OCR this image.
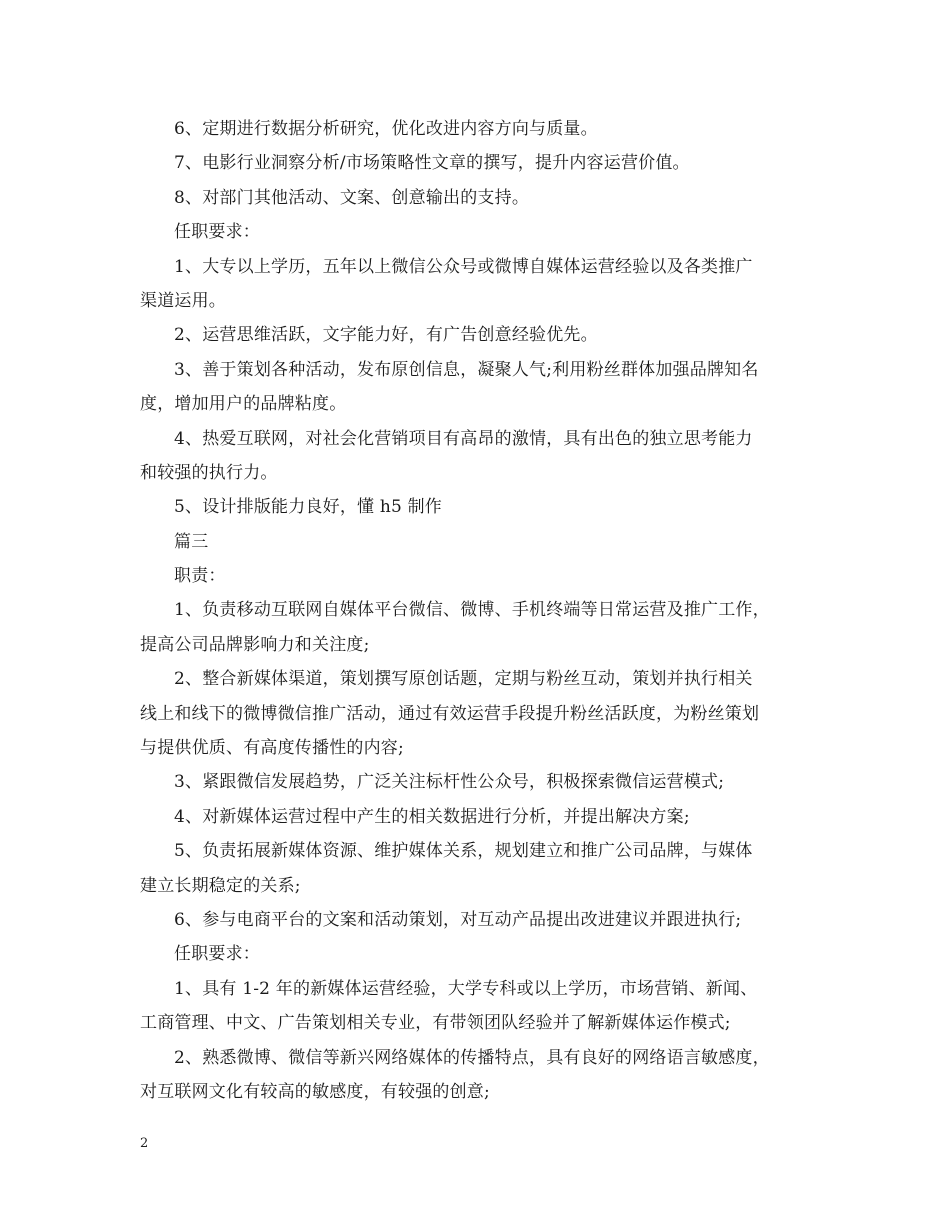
6、定期进行数据分析研究，优化改进内容方向与质量。
7、电影行业洞察分析/市场策略性文章的撰写，提升内容运营价值。
8、对部门其他活动、文案、创意输出的支持。
任职要求：
1、大专以上学历，五年以上微信公众号或微博自媒体运营经验以及各类推广
渠道运用。
2、运营思维活跃，文字能力好，有广告创意经验优先。
3、善于策划各种活动，发布原创信息，凝聚人气;利用粉丝群体加强品牌知名
度，增加用户的品牌粘度。
4、热爱互联网，对社会化营销项目有高昂的激情，具有出色的独立思考能力
和较强的执行力。
5、设计排版能力良好，懂 h5 制作
篇三
职责：
1、负责移动互联网自媒体平台微信、微博、手机终端等日常运营及推广工作，
提高公司品牌影响力和关注度;
2、整合新媒体渠道，策划撰写原创话题，定期与粉丝互动，策划并执行相关
线上和线下的微博微信推广活动，通过有效运营手段提升粉丝活跃度，为粉丝策划
与提供优质、有高度传播性的内容;
3、紧跟微信发展趋势，广泛关注标杆性公众号，积极探索微信运营模式;
4、对新媒体运营过程中产生的相关数据进行分析，并提出解决方案;
5、负责拓展新媒体资源、维护媒体关系，规划建立和推广公司品牌，与媒体
建立长期稳定的关系;
6、参与电商平台的文案和活动策划，对互动产品提出改进建议并跟进执行;
任职要求：
1、具有 1-2 年的新媒体运营经验，大学专科或以上学历，市场营销、新闻、
工商管理、中文、广告策划相关专业，有带领团队经验并了解新媒体运作模式;
2、熟悉微博、微信等新兴网络媒体的传播特点，具有良好的网络语言敏感度，
对互联网文化有较高的敏感度，有较强的创意;
2
